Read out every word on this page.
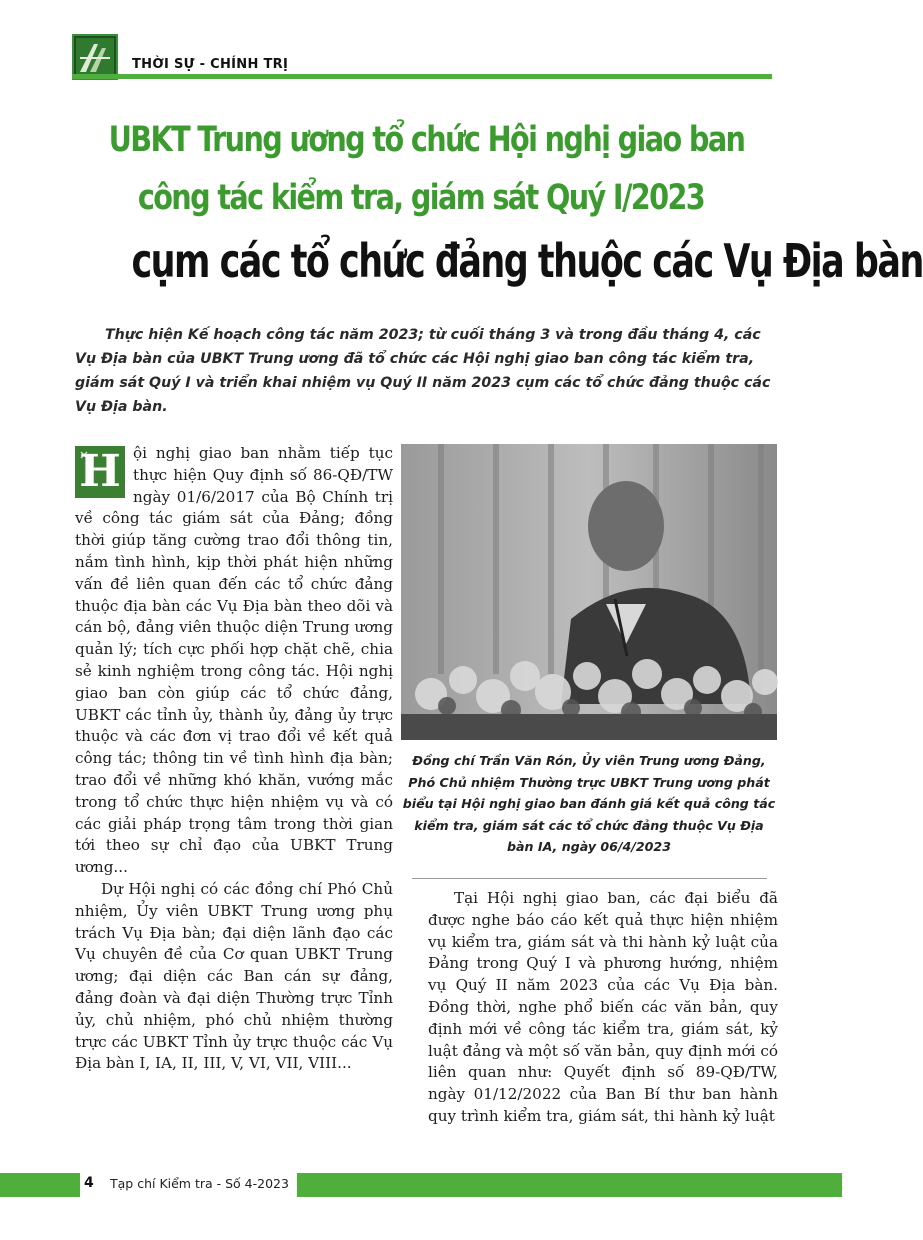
THỜI SỰ - CHÍNH TRỊ
UBKT Trung ương tổ chức Hội nghị giao ban
công tác kiểm tra, giám sát Quý I/2023
cụm các tổ chức đảng thuộc các Vụ Địa bàn
Thực hiện Kế hoạch công tác năm 2023; từ cuối tháng 3 và trong đầu tháng 4, các Vụ Địa bàn của UBKT Trung ương đã tổ chức các Hội nghị giao ban công tác kiểm tra, giám sát Quý I và triển khai nhiệm vụ Quý II năm 2023 cụm các tổ chức đảng thuộc các Vụ Địa bàn.

H ội nghị giao ban nhằm tiếp tục thực hiện Quy định số 86-QĐ/TW ngày 01/6/2017 của Bộ Chính trị về công tác giám sát của Đảng; đồng thời giúp tăng cường trao đổi thông tin, nắm tình hình, kịp thời phát hiện những vấn đề liên quan đến các tổ chức đảng thuộc địa bàn các Vụ Địa bàn theo dõi và cán bộ, đảng viên thuộc diện Trung ương quản lý; tích cực phối hợp chặt chẽ, chia sẻ kinh nghiệm trong công tác. Hội nghị giao ban còn giúp các tổ chức đảng, UBKT các tỉnh ủy, thành ủy, đảng ủy trực thuộc và các đơn vị trao đổi về kết quả công tác; thông tin về tình hình địa bàn; trao đổi về những khó khăn, vướng mắc trong tổ chức thực hiện nhiệm vụ và có các giải pháp trọng tâm trong thời gian tới theo sự chỉ đạo của UBKT Trung ương...

Dự Hội nghị có các đồng chí Phó Chủ nhiệm, Ủy viên UBKT Trung ương phụ trách Vụ Địa bàn; đại diện lãnh đạo các Vụ chuyên đề của Cơ quan UBKT Trung ương; đại diện các Ban cán sự đảng, đảng đoàn và đại diện Thường trực Tỉnh ủy, chủ nhiệm, phó chủ nhiệm thường trực các UBKT Tỉnh ủy trực thuộc các Vụ Địa bàn I, IA, II, III, V, VI, VII, VIII...

Đồng chí Trần Văn Rón, Ủy viên Trung ương Đảng, Phó Chủ nhiệm Thường trực UBKT Trung ương phát biểu tại Hội nghị giao ban đánh giá kết quả công tác kiểm tra, giám sát các tổ chức đảng thuộc Vụ Địa bàn IA, ngày 06/4/2023

Tại Hội nghị giao ban, các đại biểu đã được nghe báo cáo kết quả thực hiện nhiệm vụ kiểm tra, giám sát và thi hành kỷ luật của Đảng trong Quý I và phương hướng, nhiệm vụ Quý II năm 2023 của các Vụ Địa bàn. Đồng thời, nghe phổ biến các văn bản, quy định mới về công tác kiểm tra, giám sát, kỷ luật đảng và một số văn bản, quy định mới có liên quan như: Quyết định số 89-QĐ/TW, ngày 01/12/2022 của Ban Bí thư ban hành quy trình kiểm tra, giám sát, thi hành kỷ luật

4 Tạp chí Kiểm tra - Số 4-2023
